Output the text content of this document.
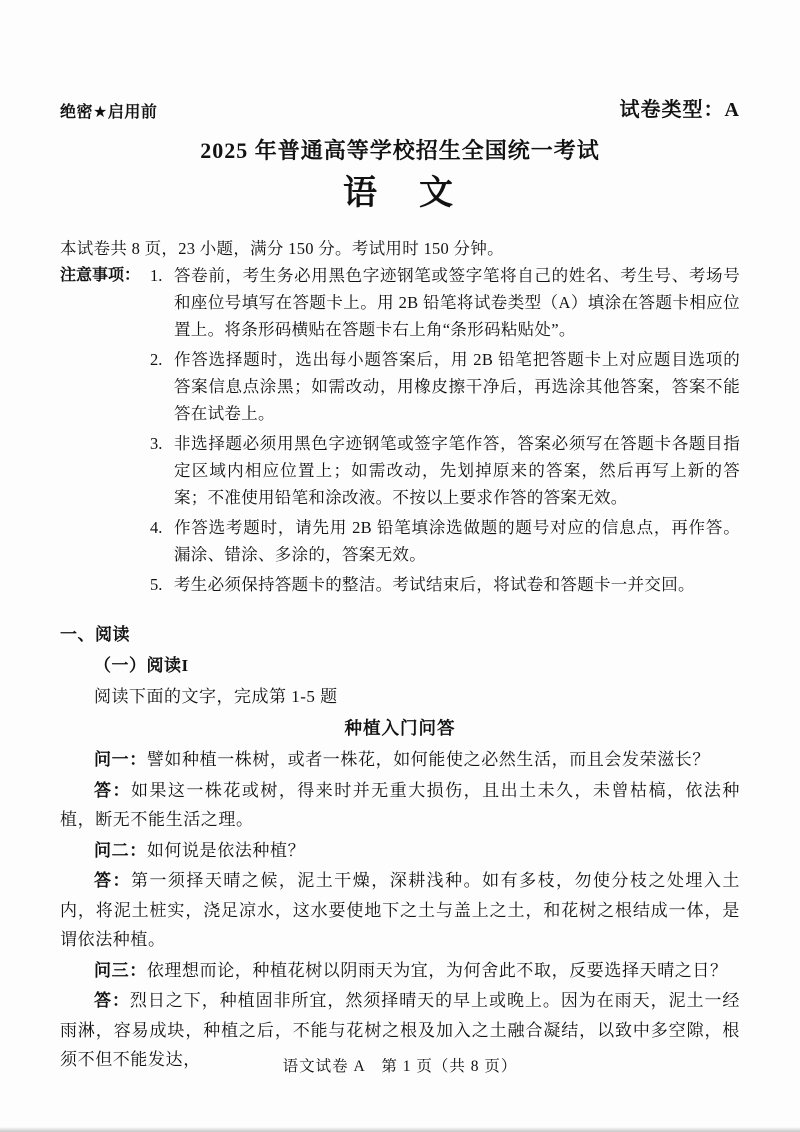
绝密★启用前	试卷类型：A
2025 年普通高等学校招生全国统一考试
语　文

本试卷共 8 页，23 小题，满分 150 分。考试用时 150 分钟。

注意事项： 1. 答卷前，考生务必用黑色字迹钢笔或签字笔将自己的姓名、考生号、考场号和座位号填写在答题卡上。用 2B 铅笔将试卷类型（A）填涂在答题卡相应位置上。将条形码横贴在答题卡右上角“条形码粘贴处”。
2. 作答选择题时，选出每小题答案后，用 2B 铅笔把答题卡上对应题目选项的答案信息点涂黑；如需改动，用橡皮擦干净后，再选涂其他答案，答案不能答在试卷上。
3. 非选择题必须用黑色字迹钢笔或签字笔作答，答案必须写在答题卡各题目指定区域内相应位置上；如需改动，先划掉原来的答案，然后再写上新的答案；不准使用铅笔和涂改液。不按以上要求作答的答案无效。
4. 作答选考题时，请先用 2B 铅笔填涂选做题的题号对应的信息点，再作答。漏涂、错涂、多涂的，答案无效。
5. 考生必须保持答题卡的整洁。考试结束后，将试卷和答题卡一并交回。
一、阅读
（一）阅读I
阅读下面的文字，完成第 1-5 题
种植入门问答

问一：譬如种植一株树，或者一株花，如何能使之必然生活，而且会发荣滋长？

答：如果这一株花或树，得来时并无重大损伤，且出土未久，未曾枯槁，依法种植，断无不能生活之理。

问二：如何说是依法种植？

答：第一须择天晴之候，泥土干燥，深耕浅种。如有多枝，勿使分枝之处埋入土内，将泥土桩实，浇足凉水，这水要使地下之土与盖上之土，和花树之根结成一体，是谓依法种植。

问三：依理想而论，种植花树以阴雨天为宜，为何舍此不取，反要选择天晴之日？

答：烈日之下，种植固非所宜，然须择晴天的早上或晚上。因为在雨天，泥土一经雨淋，容易成块，种植之后，不能与花树之根及加入之土融合凝结，以致中多空隙，根须不但不能发达，	语文试卷 A　第 1 页（共 8 页）
